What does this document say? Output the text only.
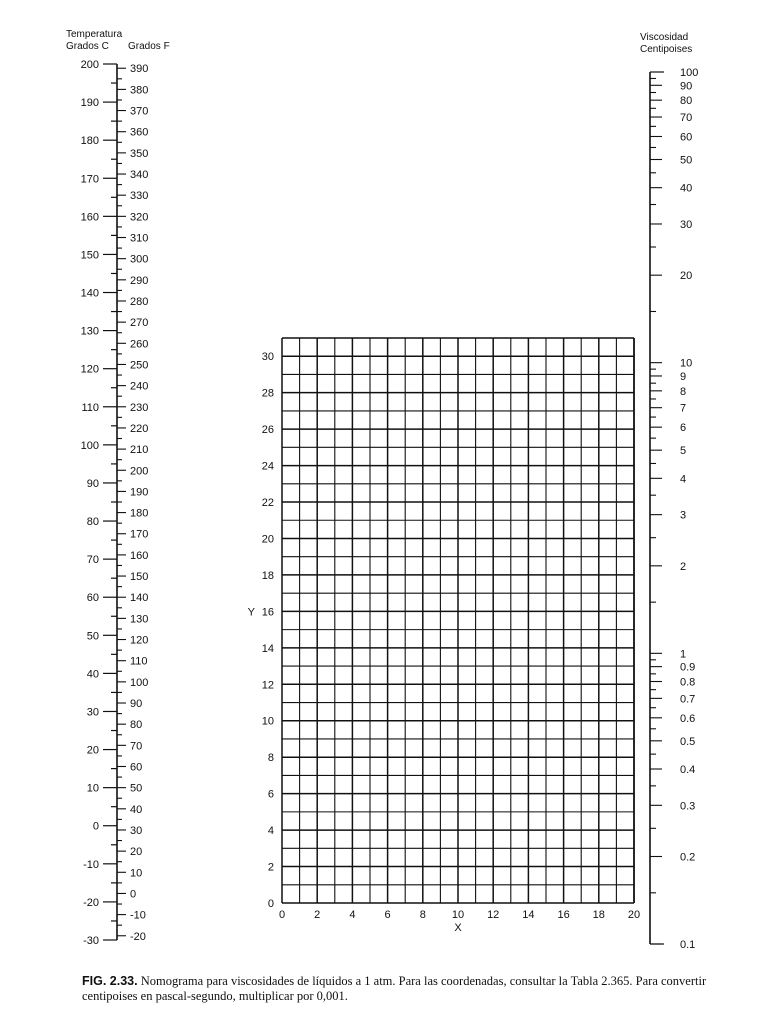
Temperatura
Grados C Grados F
200
190
180
170
160
150
140
130
120
110
100
90
80
70
60
50
40
30
20
10
0
-10
-20
-30
390
380
370
360
350
340
330
320
310
300
290
280
270
260
250
240
230
220
210
200
190
180
170
160
150
140
130
120
110
100
90
80
70
60
50
40
30
20
10
0
-10
-20
Viscosidad
Centipoises
100
90
80
70
60
50
40
30
20
10
9
8
7
6
5
4
3
2
1
0.9
0.8
0.7
0.6
0.5
0.4
0.3
0.2
0.1
0	2	4	6	8 10 12 14 16 18 20
0
2
4
6
8
10
12
14
16
18
20
22
24
26
28
30
X
Y
FIG. 2.33. Nomograma para viscosidades de líquidos a 1 atm. Para las coordenadas, consultar la Tabla 2.365. Para convertir centipoises en pascal-segundo, multiplicar por 0,001.
